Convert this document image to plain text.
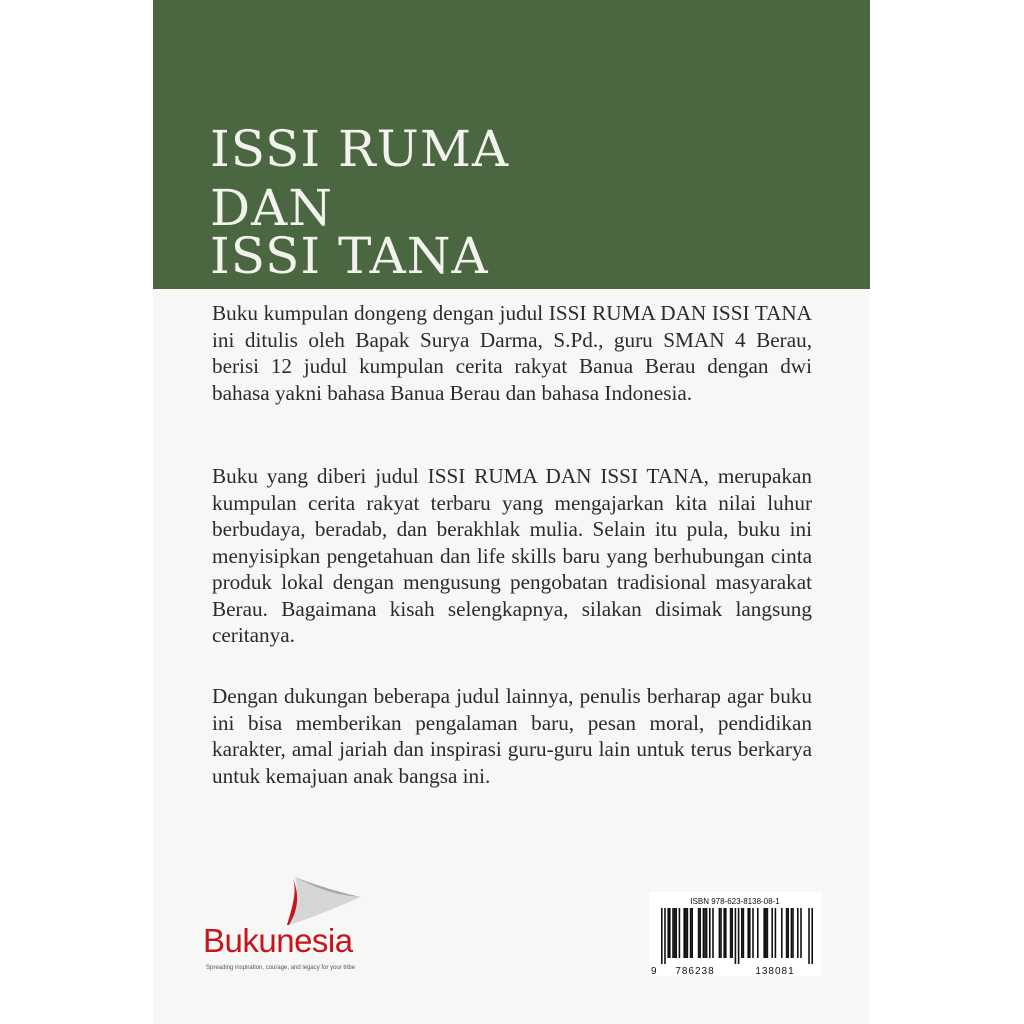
ISSI RUMA
DAN
ISSI TANA

Buku kumpulan dongeng dengan judul ISSI RUMA DAN ISSI TANA ini ditulis oleh Bapak Surya Darma, S.Pd., guru SMAN 4 Berau, berisi 12 judul kumpulan cerita rakyat Banua Berau dengan dwi bahasa yakni bahasa Banua Berau dan bahasa Indonesia.

Buku yang diberi judul ISSI RUMA DAN ISSI TANA, merupakan kumpulan cerita rakyat terbaru yang mengajarkan kita nilai luhur berbudaya, beradab, dan berakhlak mulia. Selain itu pula, buku ini menyisipkan pengetahuan dan life skills baru yang berhubungan cinta produk lokal dengan mengusung pengobatan tradisional masyarakat Berau. Bagaimana kisah selengkapnya, silakan disimak langsung ceritanya.

Dengan dukungan beberapa judul lainnya, penulis berharap agar buku ini bisa memberikan pengalaman baru, pesan moral, pendidikan karakter, amal jariah dan inspirasi guru-guru lain untuk terus berkarya untuk kemajuan anak bangsa ini.

Bukunesia
Spreading inspiration, courage, and legacy for your tribe
ISBN 978-623-8138-08-1
9 786238	138081
